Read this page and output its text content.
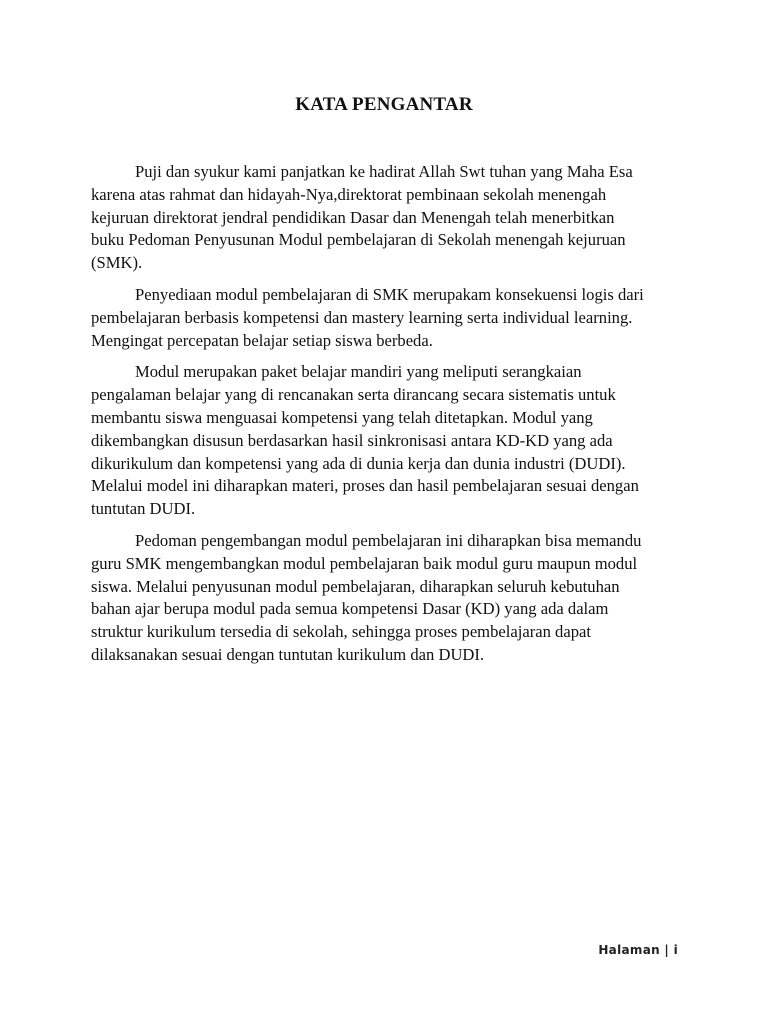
KATA PENGANTAR

Puji dan syukur kami panjatkan ke hadirat Allah Swt tuhan yang Maha Esa
karena atas rahmat dan hidayah-Nya,direktorat pembinaan sekolah menengah
kejuruan direktorat jendral pendidikan Dasar dan Menengah telah menerbitkan
buku Pedoman Penyusunan Modul pembelajaran di Sekolah menengah kejuruan
(SMK).

Penyediaan modul pembelajaran di SMK merupakam konsekuensi logis dari
pembelajaran berbasis kompetensi dan mastery learning serta individual learning.
Mengingat percepatan belajar setiap siswa berbeda.

Modul merupakan paket belajar mandiri yang meliputi serangkaian
pengalaman belajar yang di rencanakan serta dirancang secara sistematis untuk
membantu siswa menguasai kompetensi yang telah ditetapkan. Modul yang
dikembangkan disusun berdasarkan hasil sinkronisasi antara KD-KD yang ada
dikurikulum dan kompetensi yang ada di dunia kerja dan dunia industri (DUDI).
Melalui model ini diharapkan materi, proses dan hasil pembelajaran sesuai dengan
tuntutan DUDI.

Pedoman pengembangan modul pembelajaran ini diharapkan bisa memandu
guru SMK mengembangkan modul pembelajaran baik modul guru maupun modul
siswa. Melalui penyusunan modul pembelajaran, diharapkan seluruh kebutuhan
bahan ajar berupa modul pada semua kompetensi Dasar (KD) yang ada dalam
struktur kurikulum tersedia di sekolah, sehingga proses pembelajaran dapat
dilaksanakan sesuai dengan tuntutan kurikulum dan DUDI.

Halaman | i
